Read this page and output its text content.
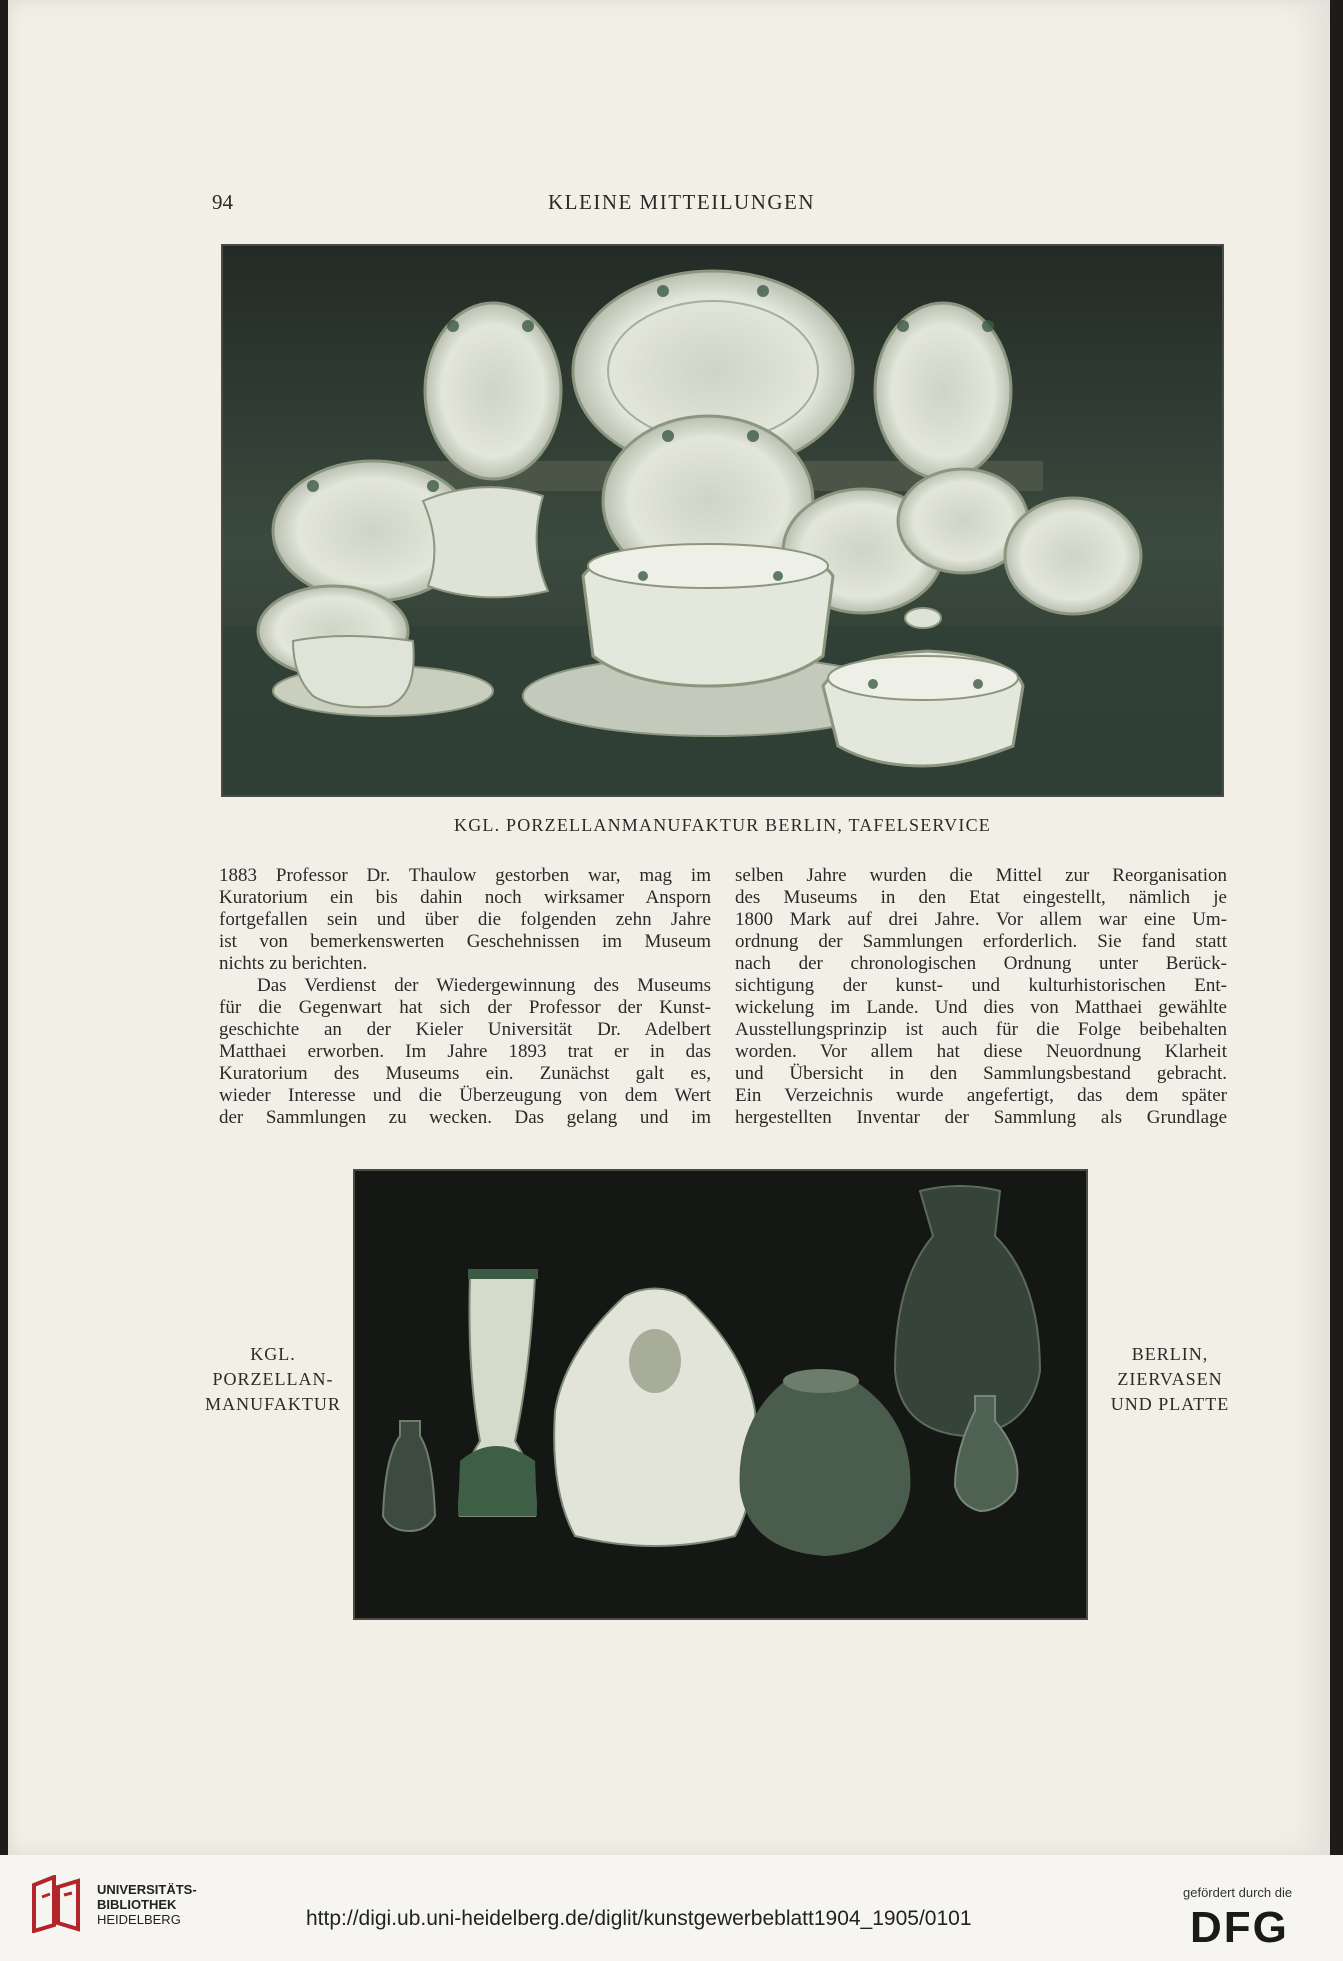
94	KLEINE MITTEILUNGEN
KGL. PORZELLANMANUFAKTUR BERLIN, TAFELSERVICE
1883 Professor Dr. Thaulow gestorben war, mag im
Kuratorium ein bis dahin noch wirksamer Ansporn
fortgefallen sein und über die folgenden zehn Jahre
ist von bemerkenswerten Geschehnissen im Museum
nichts zu berichten.
Das Verdienst der Wiedergewinnung des Museums
für die Gegenwart hat sich der Professor der Kunst-
geschichte an der Kieler Universität Dr. Adelbert
Matthaei erworben. Im Jahre 1893 trat er in das
Kuratorium des Museums ein. Zunächst galt es,
wieder Interesse und die Überzeugung von dem Wert
der Sammlungen zu wecken. Das gelang und im
selben Jahre wurden die Mittel zur Reorganisation
des Museums in den Etat eingestellt, nämlich je
1800 Mark auf drei Jahre. Vor allem war eine Um-
ordnung der Sammlungen erforderlich. Sie fand statt
nach der chronologischen Ordnung unter Berück-
sichtigung der kunst- und kulturhistorischen Ent-
wickelung im Lande. Und dies von Matthaei gewählte
Ausstellungsprinzip ist auch für die Folge beibehalten
worden. Vor allem hat diese Neuordnung Klarheit
und Übersicht in den Sammlungsbestand gebracht.
Ein Verzeichnis wurde angefertigt, das dem später
hergestellten Inventar der Sammlung als Grundlage
KGL.
PORZELLAN-
MANUFAKTUR
BERLIN,
ZIERVASEN
UND PLATTE
UNIVERSITÄTS-
BIBLIOTHEK
HEIDELBERG	http://digi.ub.uni-heidelberg.de/diglit/kunstgewerbeblatt1904_1905/0101
gefördert durch die
DFG
